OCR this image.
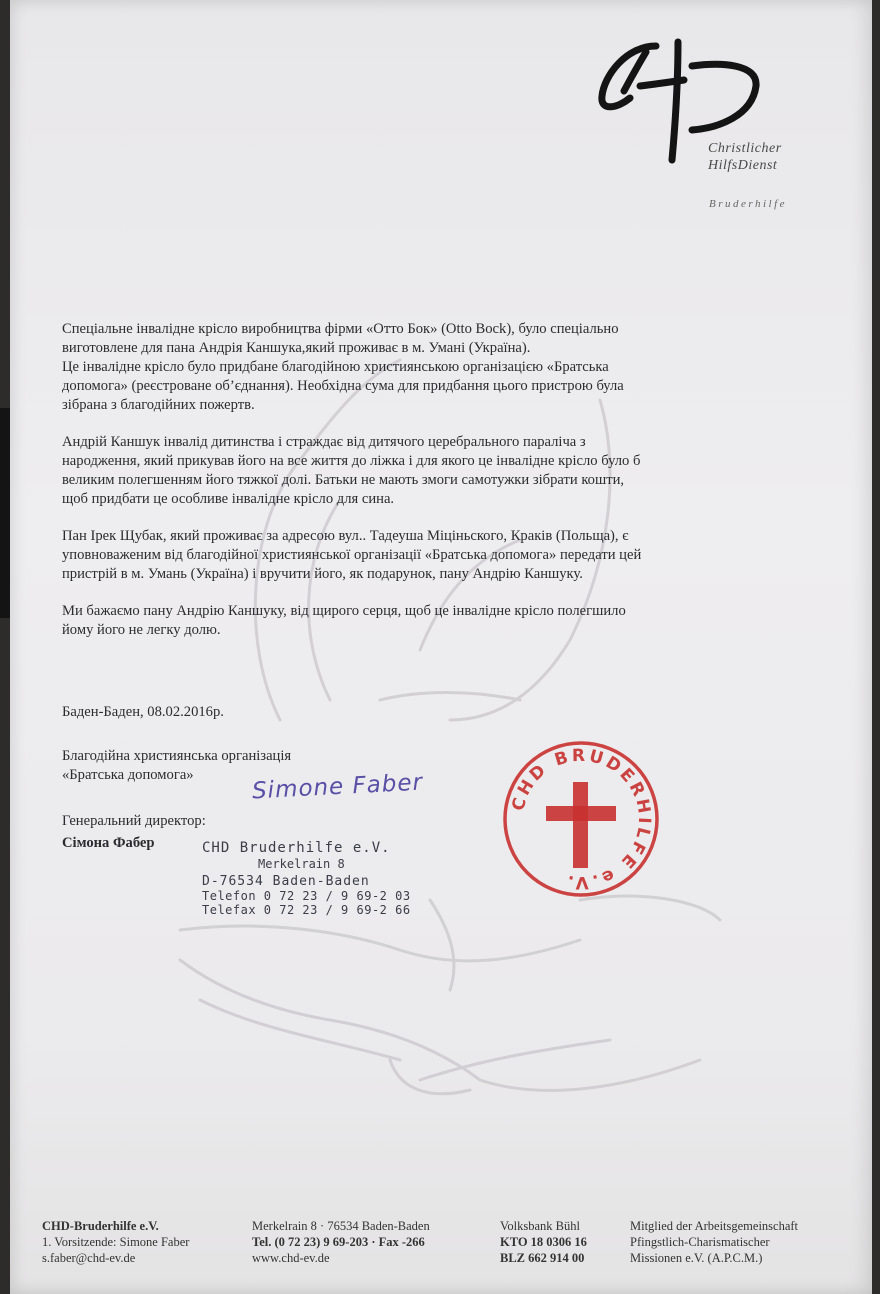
Christlicher
HilfsDienst
Bruderhilfe

Спеціальне інвалідне крісло виробництва фірми «Отто Бок» (Otto Bock), було спеціально
виготовлене для пана Андрія Каншука,який проживає в м. Умані (Україна).

Це інвалідне крісло було придбане благодійною християнською організацією «Братська
допомога» (реєстроване об’єднання). Необхідна сума для придбання цього пристрою була
зібрана з благодійних пожертв.

Андрій Каншук інвалід дитинства і страждає від дитячого церебрального паралічa з
народження, який прикував його на все життя до ліжка і для якого це інвалідне крісло було б
великим полегшенням його тяжкої долі. Батьки не мають змоги самотужки зібрати кошти,
щоб придбати це особливе інвалідне крісло для сина.

Пан Ірек Щубак, який проживає за адресою вул.. Тадеуша Міціньского, Краків (Польща), є
уповноваженим від благодійної християнської організації «Братська допомога» передати цей
пристрій в м. Умань (Україна) і вручити його, як подарунок, пану Андрію Каншуку.

Ми бажаємо пану Андрію Каншуку, від щирого серця, щоб це інвалідне крісло полегшило
йому його не легку долю.

Баден-Баден, 08.02.2016р.
Благодійна християнська організація
«Братська допомога»
Генеральний директор:
Сімона Фабер
Simone Faber
CHD Bruderhilfe e.V.
Merkelrain 8
D-76534 Baden-Baden
Telefon 0 72 23 / 9 69-2 03
Telefax 0 72 23 / 9 69-2 66
CHD BRUDERHILFE e.V.
CHD-Bruderhilfe e.V.
1. Vorsitzende: Simone Faber
s.faber@chd-ev.de
Merkelrain 8 · 76534 Baden-Baden
Tel. (0 72 23) 9 69-203 · Fax -266
www.chd-ev.de
Volksbank Bühl
KTO 18 0306 16
BLZ 662 914 00
Mitglied der Arbeitsgemeinschaft
Pfingstlich-Charismatischer
Missionen e.V. (A.P.C.M.)
